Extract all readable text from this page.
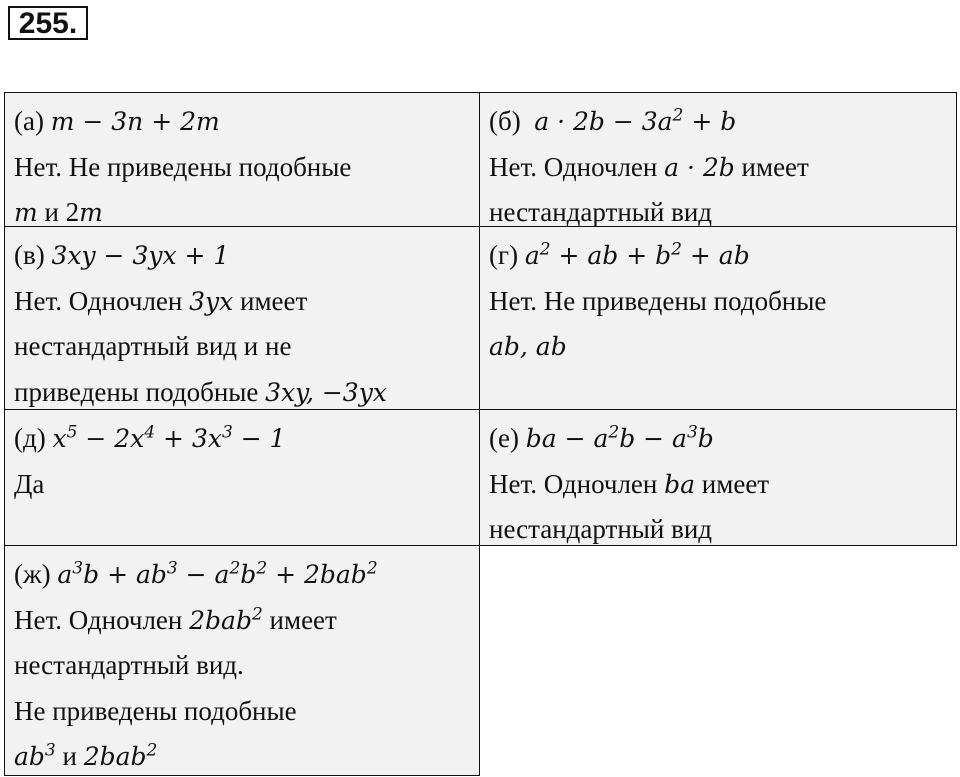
255.
(а) m − 3n + 2m
Нет. Не приведены подобные
m и 2m
(б) $a \cdot 2b - 3a^2 + b$
Нет. Одночлен a · 2b имеет
нестандартный вид
(в) 3xy − 3yx + 1
Нет. Одночлен 3yx имеет
нестандартный вид и не
приведены подобные 3xy, −3yx
(г) $a^2$ + ab + $b^2$ + ab
Нет. Не приведены подобные
ab, ab
(д) $x^5 - 2x^4 + 3x^3 - 1$
Да
(е) ba − $a^2b - a^3b$
Нет. Одночлен ba имеет
нестандартный вид
(ж) $a^3b + ab^3 - a^2b^2 + 2bab^2$
Нет. Одночлен 2bab$^2$ имеет
нестандартный вид.
Не приведены подобные
$ab^3$ и 2bab$^2$
